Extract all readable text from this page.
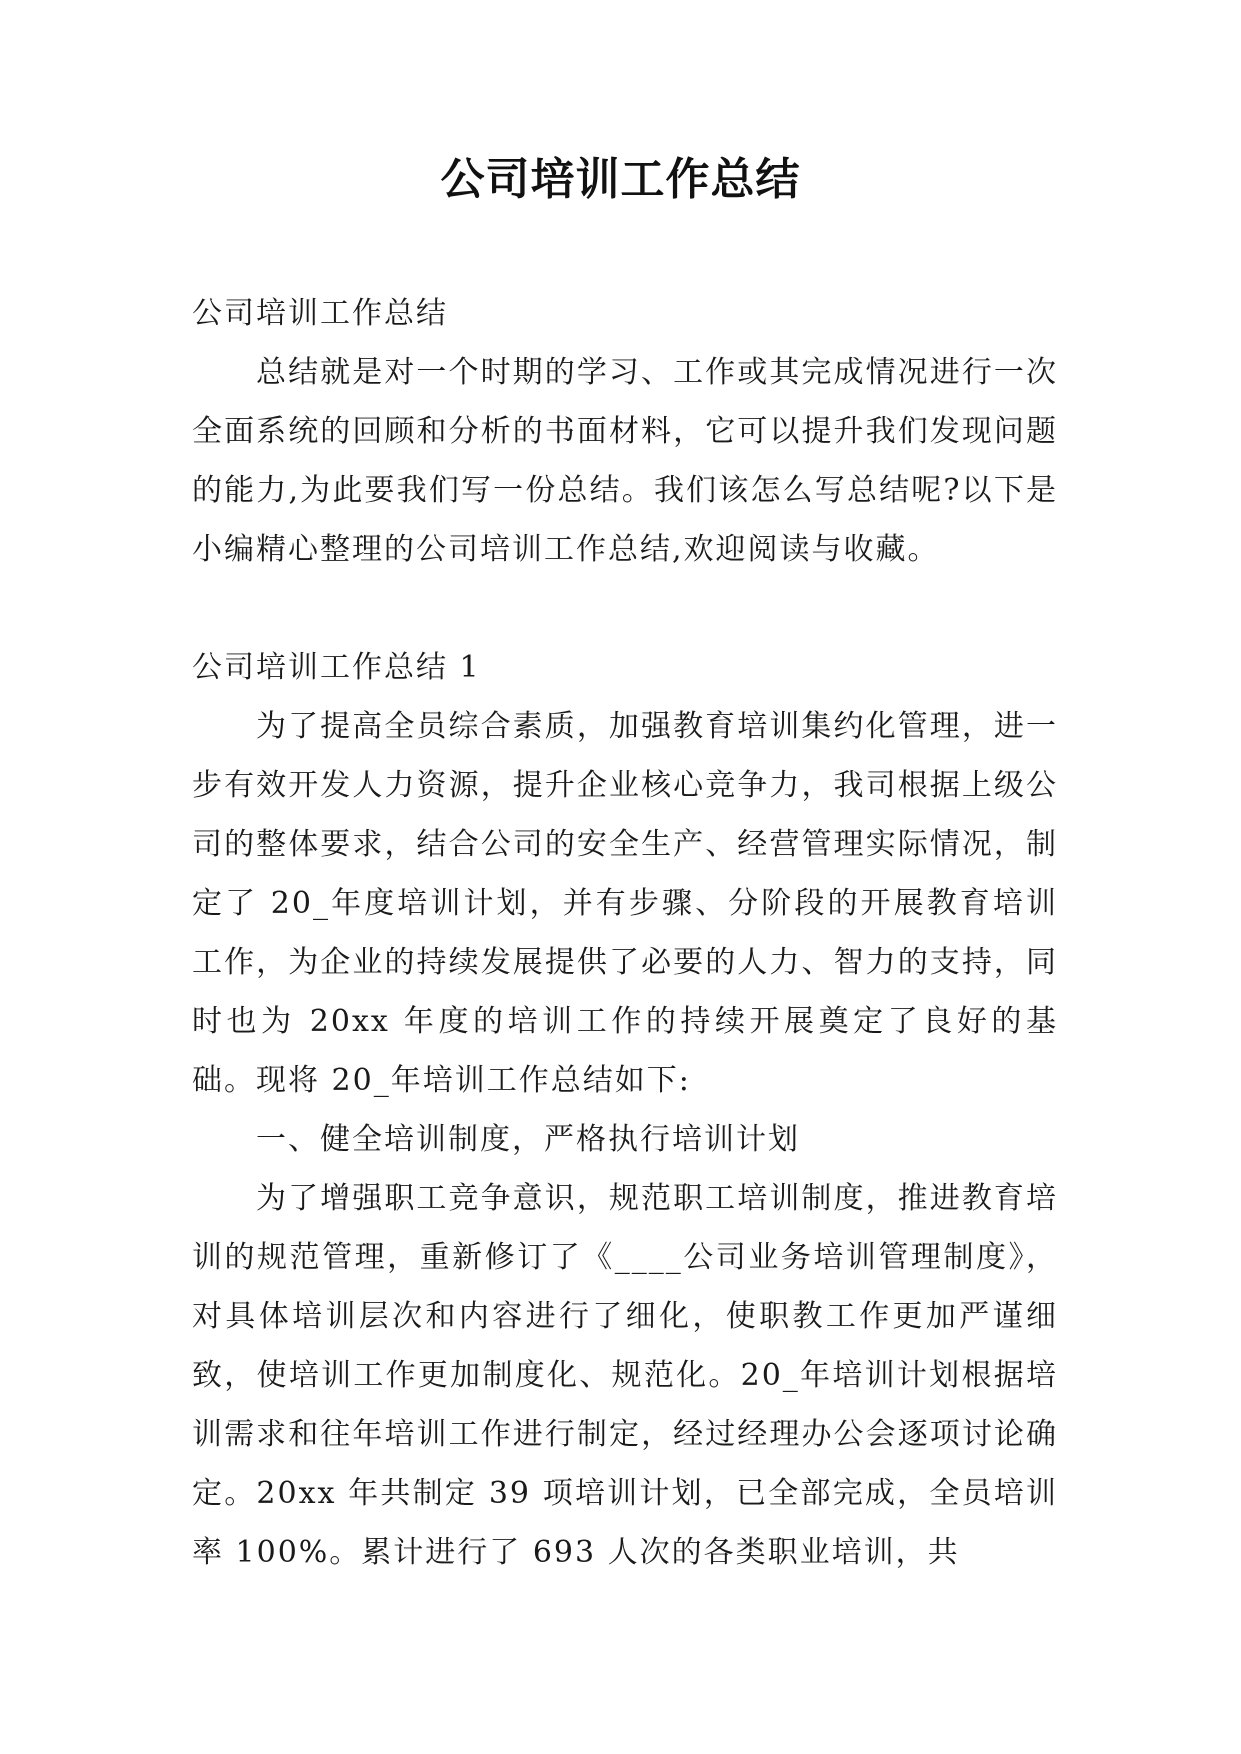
公司培训工作总结

公司培训工作总结

总结就是对一个时期的学习、工作或其完成情况进行一次全面系统的回顾和分析的书面材料，它可以提升我们发现问题的能力,为此要我们写一份总结。我们该怎么写总结呢?以下是小编精心整理的公司培训工作总结,欢迎阅读与收藏。

公司培训工作总结 1

为了提高全员综合素质，加强教育培训集约化管理，进一步有效开发人力资源，提升企业核心竞争力，我司根据上级公司的整体要求，结合公司的安全生产、经营管理实际情况，制定了 20_年度培训计划，并有步骤、分阶段的开展教育培训工作，为企业的持续发展提供了必要的人力、智力的支持，同时也为 20xx 年度的培训工作的持续开展奠定了良好的基础。现将 20_年培训工作总结如下:

一、健全培训制度，严格执行培训计划

为了增强职工竞争意识，规范职工培训制度，推进教育培训的规范管理，重新修订了《____公司业务培训管理制度》，对具体培训层次和内容进行了细化，使职教工作更加严谨细致，使培训工作更加制度化、规范化。20_年培训计划根据培训需求和往年培训工作进行制定，经过经理办公会逐项讨论确定。20xx 年共制定 39 项培训计划，已全部完成，全员培训率 100%。累计进行了 693 人次的各类职业培训，共
